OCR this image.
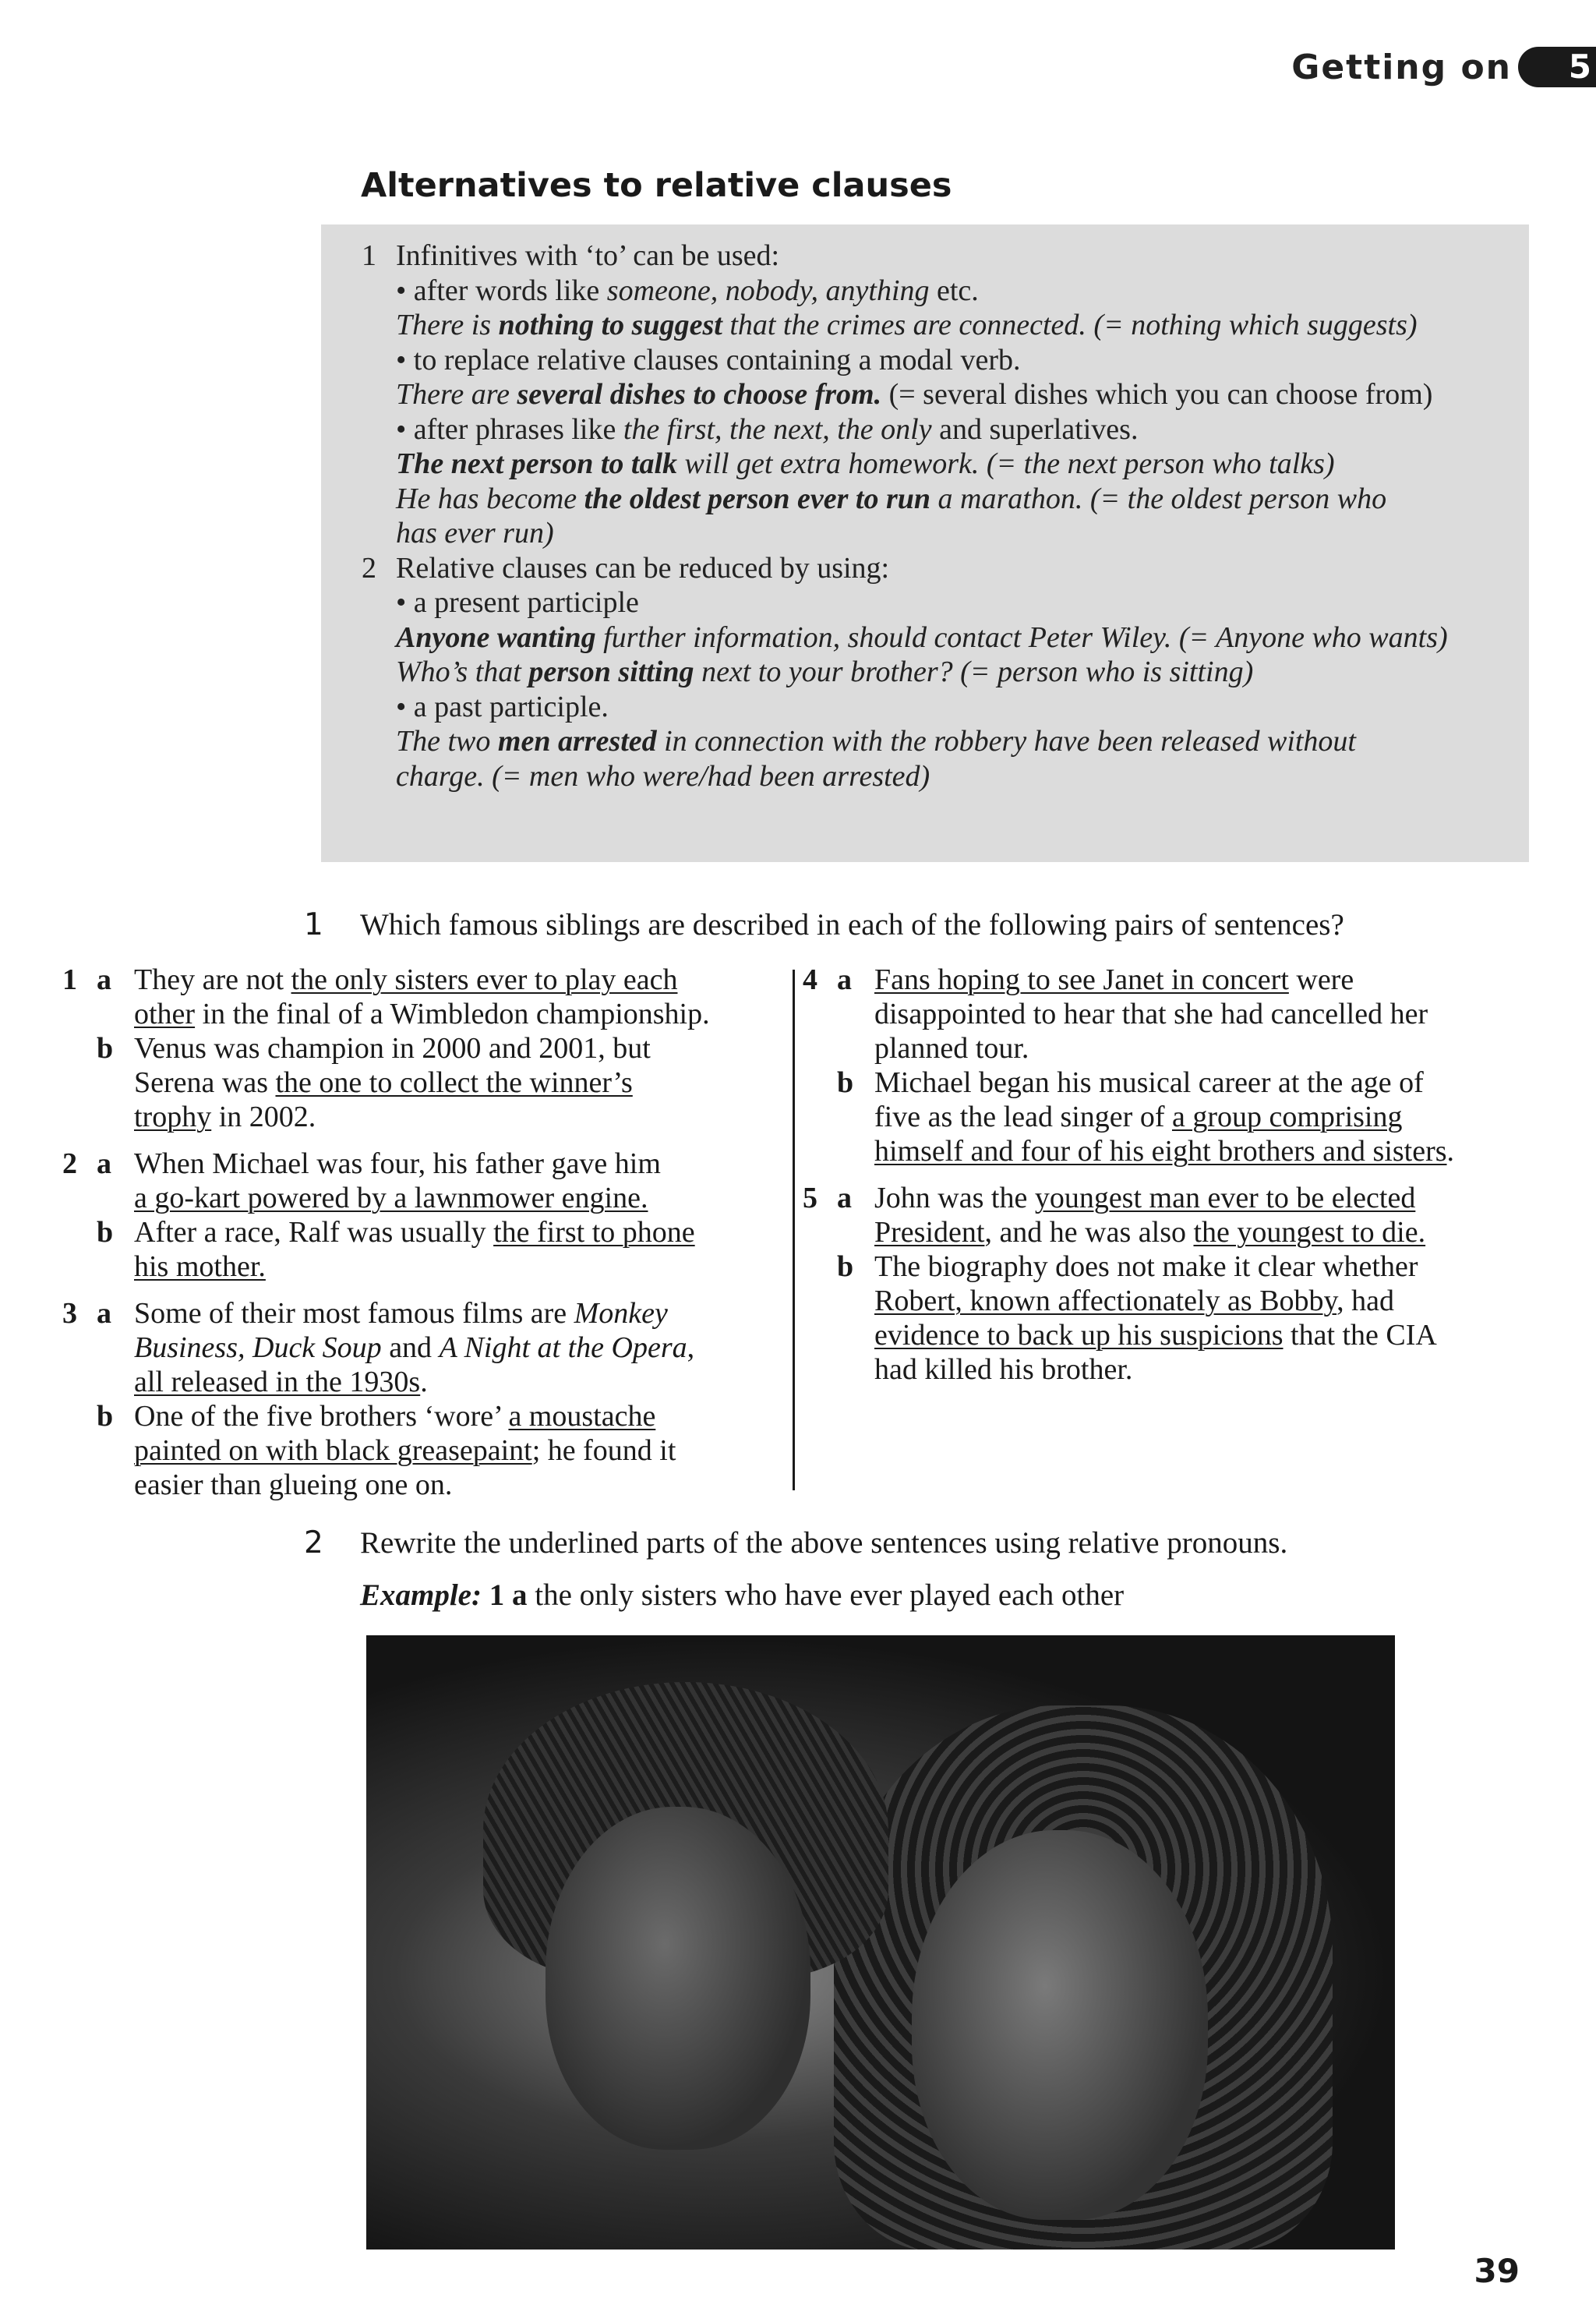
Getting on	5
Alternatives to relative clauses
1 Infinitives with ‘to’ can be used:
• after words like someone, nobody, anything etc.
There is nothing to suggest that the crimes are connected. (= nothing which suggests)
• to replace relative clauses containing a modal verb.
There are several dishes to choose from. (= several dishes which you can choose from)
• after phrases like the first, the next, the only and superlatives.
The next person to talk will get extra homework. (= the next person who talks)
He has become the oldest person ever to run a marathon. (= the oldest person who
has ever run)
2 Relative clauses can be reduced by using:
• a present participle
Anyone wanting further information, should contact Peter Wiley. (= Anyone who wants)
Who’s that person sitting next to your brother? (= person who is sitting)
• a past participle.
The two men arrested in connection with the robbery have been released without
charge. (= men who were/had been arrested)
1 Which famous siblings are described in each of the following pairs of sentences?
1 a They are not the only sisters ever to play each
other in the final of a Wimbledon championship.
b Venus was champion in 2000 and 2001, but
Serena was the one to collect the winner’s
trophy in 2002.
2 a When Michael was four, his father gave him
a go-kart powered by a lawnmower engine.
b After a race, Ralf was usually the first to phone
his mother.
3 a Some of their most famous films are Monkey
Business, Duck Soup and A Night at the Opera,
all released in the 1930s.
b One of the five brothers ‘wore’ a moustache
painted on with black greasepaint; he found it
easier than glueing one on.
4 a Fans hoping to see Janet in concert were
disappointed to hear that she had cancelled her
planned tour.
b Michael began his musical career at the age of
five as the lead singer of a group comprising
himself and four of his eight brothers and sisters.
5 a John was the youngest man ever to be elected
President, and he was also the youngest to die.
b The biography does not make it clear whether
Robert, known affectionately as Bobby, had
evidence to back up his suspicions that the CIA
had killed his brother.
2 Rewrite the underlined parts of the above sentences using relative pronouns.
Example: 1 a the only sisters who have ever played each other
39
